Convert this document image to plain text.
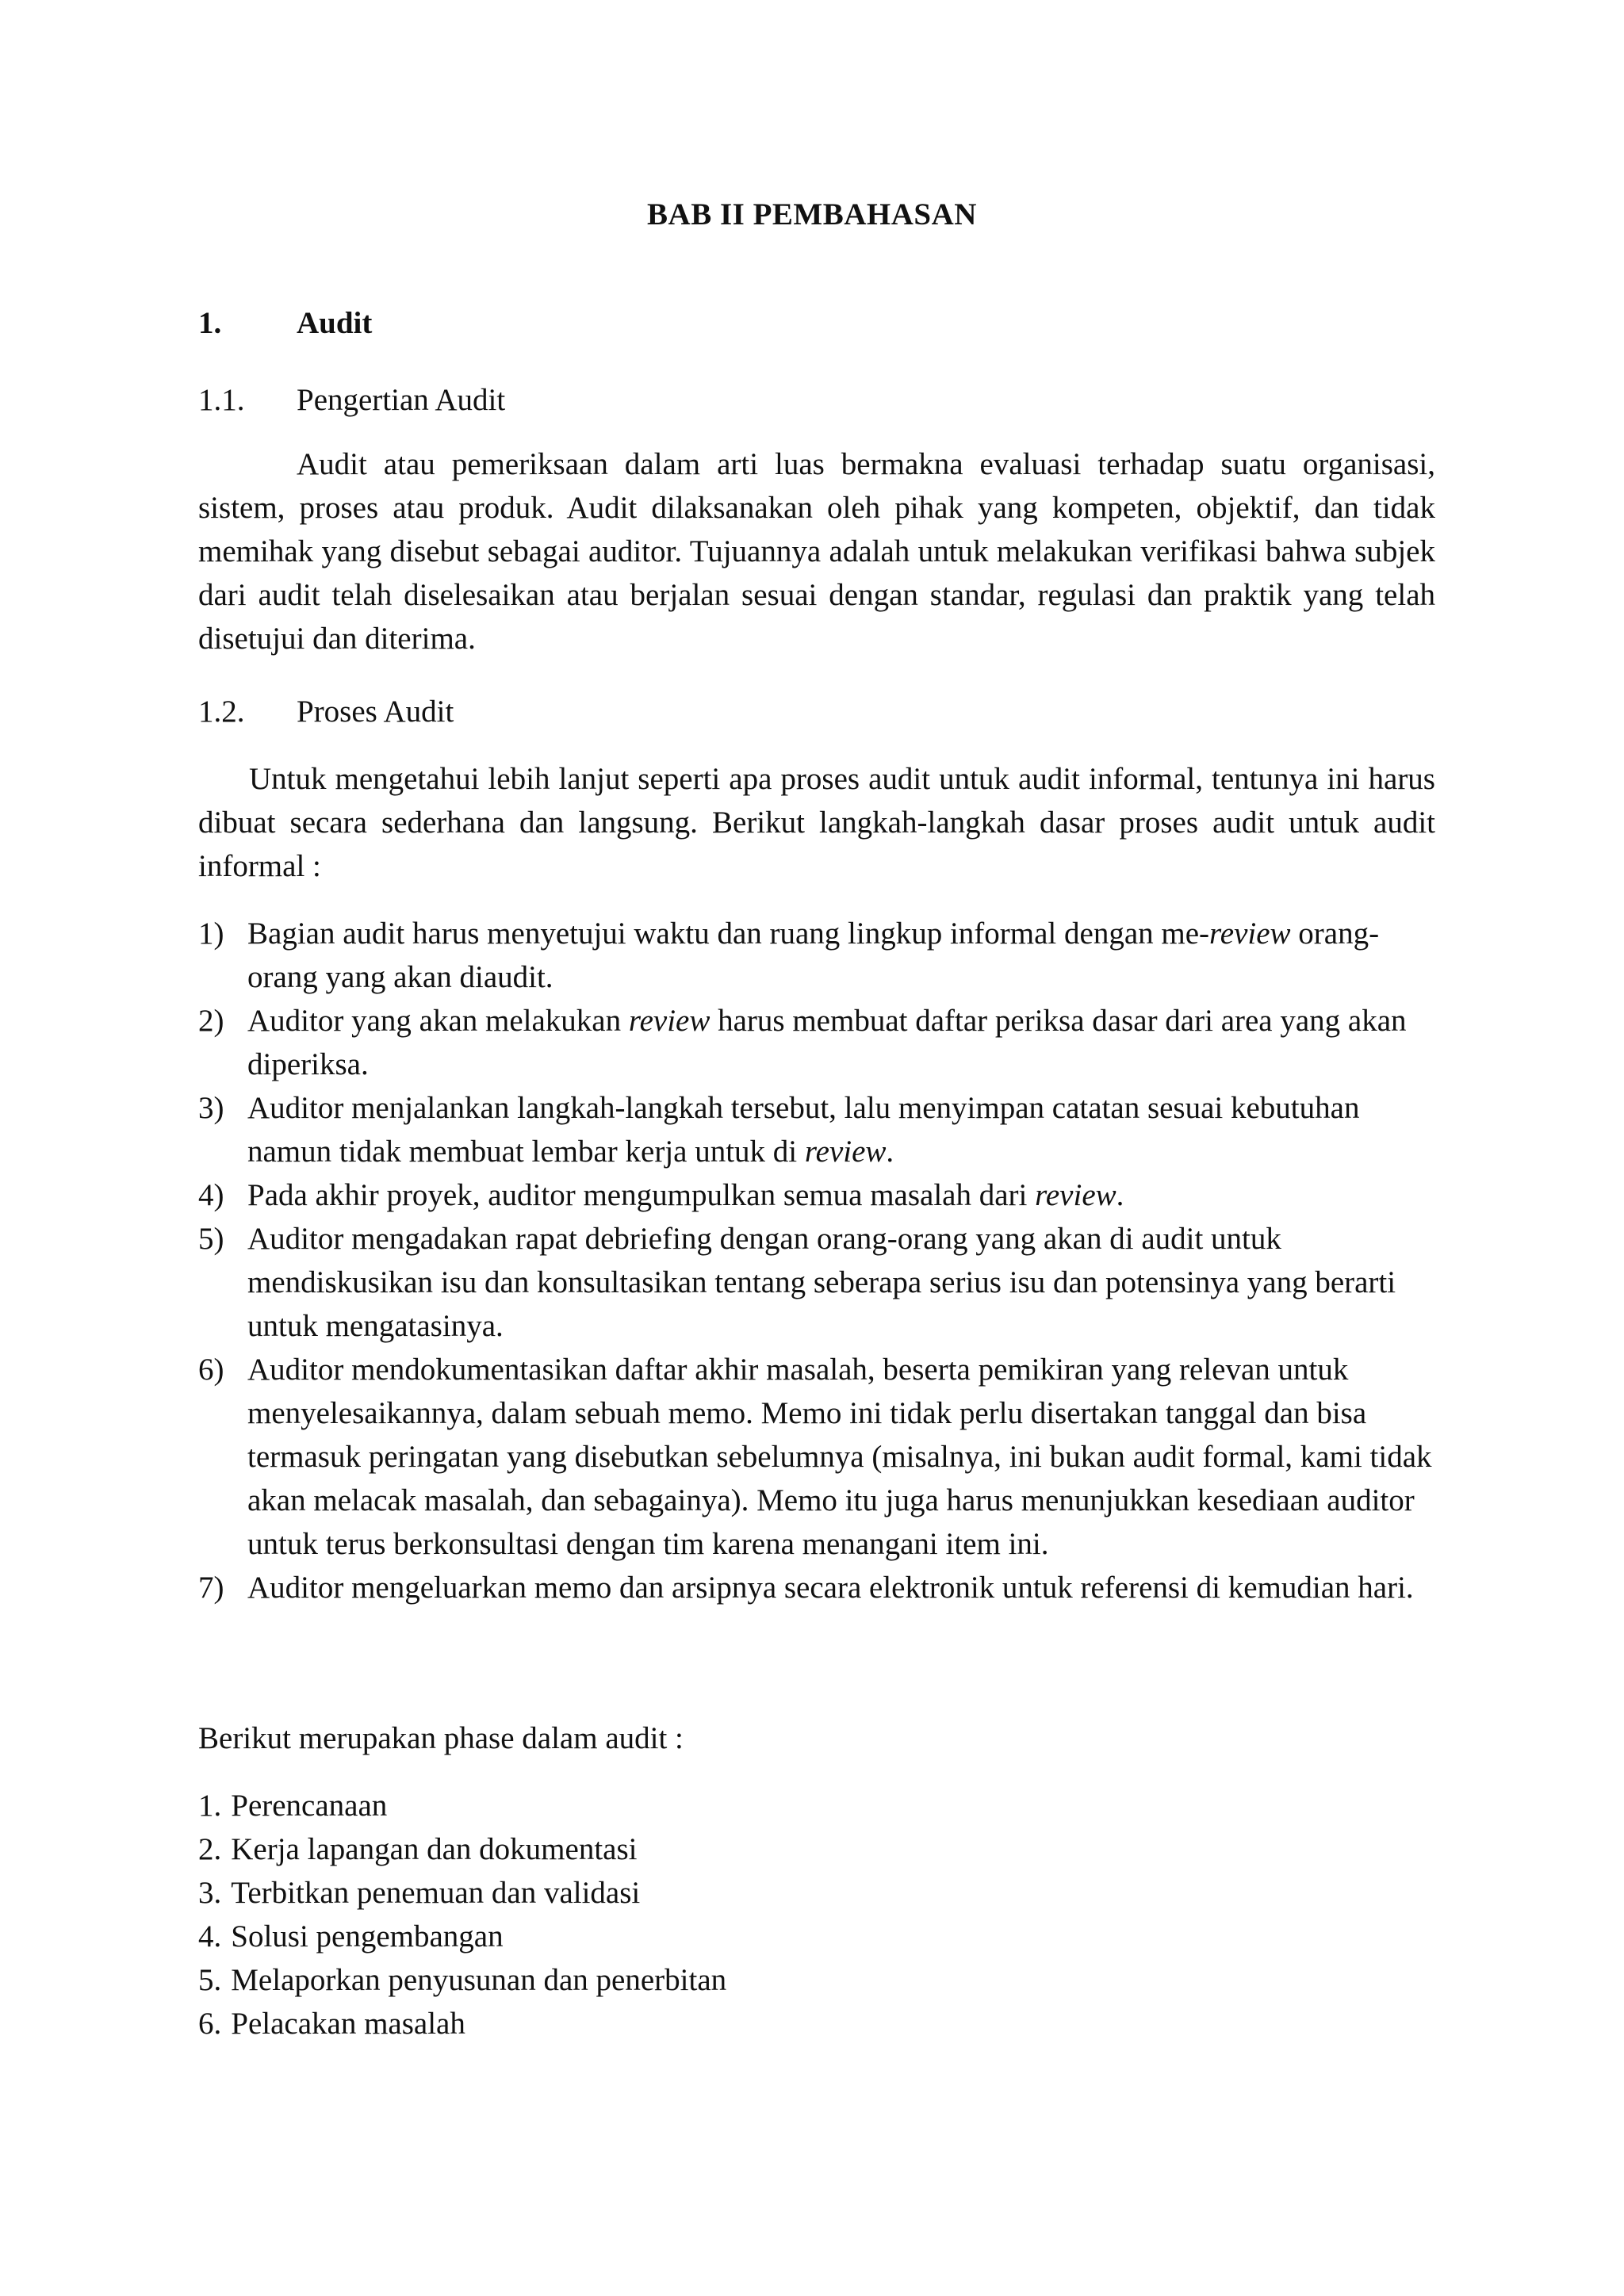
BAB II PEMBAHASAN
1. Audit
1.1. Pengertian Audit

Audit atau pemeriksaan dalam arti luas bermakna evaluasi terhadap suatu organisasi, sistem, proses atau produk. Audit dilaksanakan oleh pihak yang kompeten, objektif, dan tidak memihak yang disebut sebagai auditor. Tujuannya adalah untuk melakukan verifikasi bahwa subjek dari audit telah diselesaikan atau berjalan sesuai dengan standar, regulasi dan praktik yang telah disetujui dan diterima.

1.2. Proses Audit

Untuk mengetahui lebih lanjut seperti apa proses audit untuk audit informal, tentunya ini harus dibuat secara sederhana dan langsung. Berikut langkah-langkah dasar proses audit untuk audit informal :

1) Bagian audit harus menyetujui waktu dan ruang lingkup informal dengan me-review orang-orang yang akan diaudit.
2) Auditor yang akan melakukan review harus membuat daftar periksa dasar dari area yang akan diperiksa.
3) Auditor menjalankan langkah-langkah tersebut, lalu menyimpan catatan sesuai kebutuhan namun tidak membuat lembar kerja untuk di review.
4) Pada akhir proyek, auditor mengumpulkan semua masalah dari review.
5) Auditor mengadakan rapat debriefing dengan orang-orang yang akan di audit untuk mendiskusikan isu dan konsultasikan tentang seberapa serius isu dan potensinya yang berarti untuk mengatasinya.
6) Auditor mendokumentasikan daftar akhir masalah, beserta pemikiran yang relevan untuk menyelesaikannya, dalam sebuah memo. Memo ini tidak perlu disertakan tanggal dan bisa termasuk peringatan yang disebutkan sebelumnya (misalnya, ini bukan audit formal, kami tidak akan melacak masalah, dan sebagainya). Memo itu juga harus menunjukkan kesediaan auditor untuk terus berkonsultasi dengan tim karena menangani item ini.
7) Auditor mengeluarkan memo dan arsipnya secara elektronik untuk referensi di kemudian hari.

Berikut merupakan phase dalam audit :

1. Perencanaan
2. Kerja lapangan dan dokumentasi
3. Terbitkan penemuan dan validasi
4. Solusi pengembangan
5. Melaporkan penyusunan dan penerbitan
6. Pelacakan masalah
